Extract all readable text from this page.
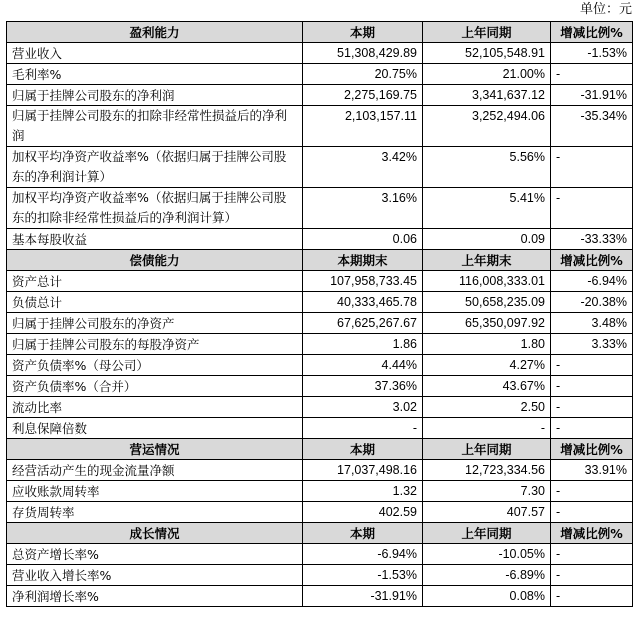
单位：元
盈利能力	本期	上年同期	增减比例%
营业收入	51,308,429.89	52,105,548.91	-1.53%
毛利率%	20.75%	21.00%	-
归属于挂牌公司股东的净利润	2,275,169.75	3,341,637.12	-31.91%
归属于挂牌公司股东的扣除非经常性损益后的净利润	2,103,157.11	3,252,494.06	-35.34%
加权平均净资产收益率%（依据归属于挂牌公司股东的净利润计算）	3.42%	5.56%	-
加权平均净资产收益率%（依据归属于挂牌公司股东的扣除非经常性损益后的净利润计算）	3.16%	5.41%	-
基本每股收益	0.06	0.09	-33.33%
偿债能力	本期期末	上年期末	增减比例%
资产总计	107,958,733.45	116,008,333.01	-6.94%
负债总计	40,333,465.78	50,658,235.09	-20.38%
归属于挂牌公司股东的净资产	67,625,267.67	65,350,097.92	3.48%
归属于挂牌公司股东的每股净资产	1.86	1.80	3.33%
资产负债率%（母公司）	4.44%	4.27%	-
资产负债率%（合并）	37.36%	43.67%	-
流动比率	3.02	2.50	-
利息保障倍数	-	-	-
营运情况	本期	上年同期	增减比例%
经营活动产生的现金流量净额	17,037,498.16	12,723,334.56	33.91%
应收账款周转率	1.32	7.30	-
存货周转率	402.59	407.57	-
成长情况	本期	上年同期	增减比例%
总资产增长率%	-6.94%	-10.05%	-
营业收入增长率%	-1.53%	-6.89%	-
净利润增长率%	-31.91%	0.08%	-
